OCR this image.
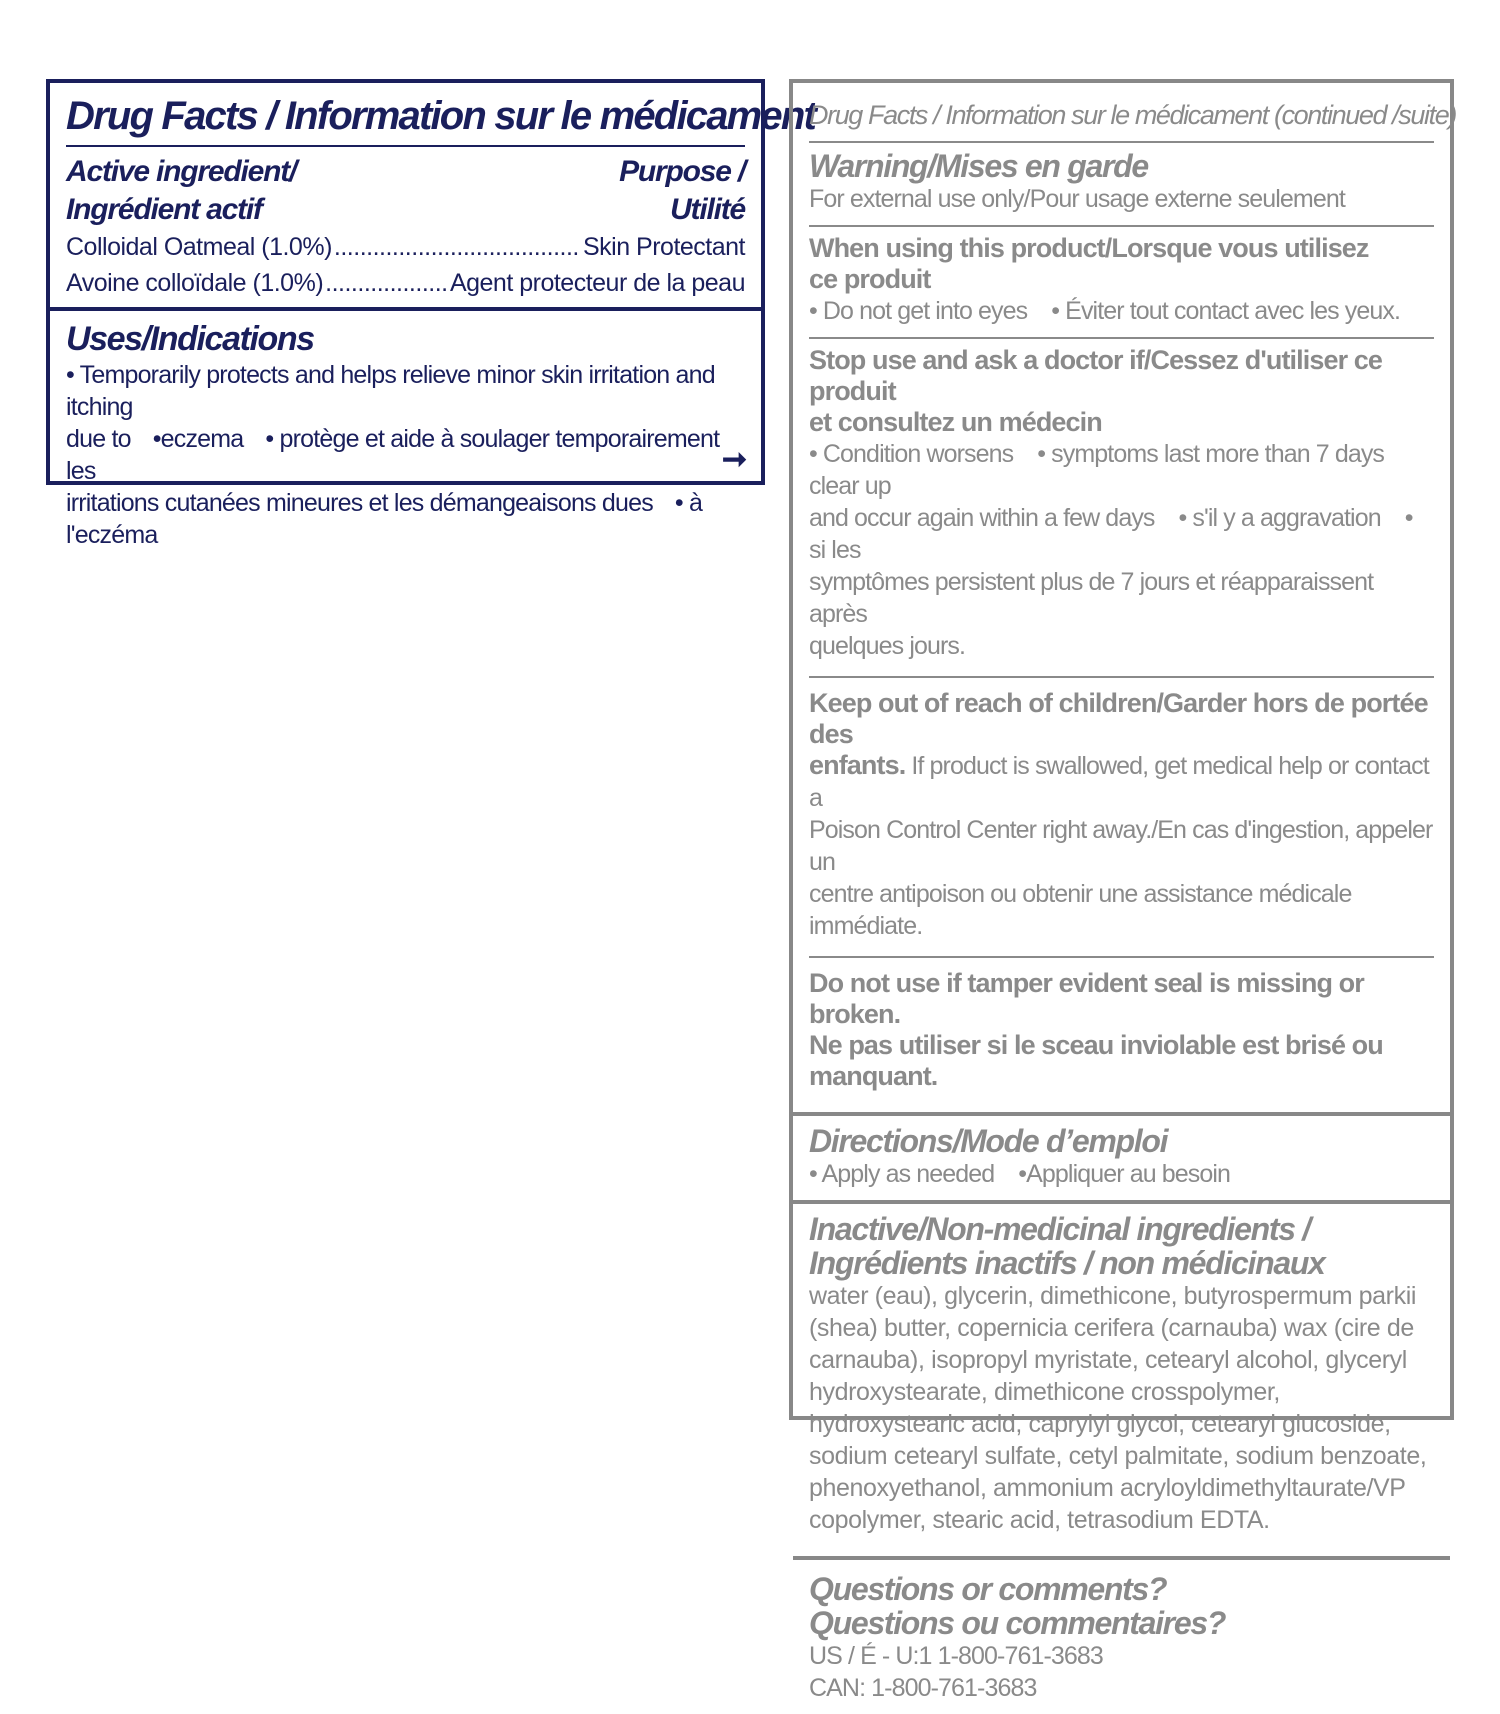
Drug Facts / Information sur le médicament
Active ingredient/
Ingrédient actif
Purpose /
Utilité
Colloidal Oatmeal (1.0%) .....	Skin Protectant
Avoine colloïdale (1.0%) .....	Agent protecteur de la peau
Uses/Indications
• Temporarily protects and helps relieve minor skin irritation and itching
due to •eczema • protège et aide à soulager temporairement les
irritations cutanées mineures et les démangeaisons dues • à l'eczéma
➞
Drug Facts / Information sur le médicament (continued /suite)
Warning/Mises en garde
For external use only/Pour usage externe seulement
When using this product/Lorsque vous utilisez
ce produit
• Do not get into eyes • Éviter tout contact avec les yeux.
Stop use and ask a doctor if/Cessez d'utiliser ce produit
et consultez un médecin
• Condition worsens • symptoms last more than 7 days clear up
and occur again within a few days • s'il y a aggravation • si les
symptômes persistent plus de 7 jours et réapparaissent après
quelques jours.
Keep out of reach of children/Garder hors de portée des
enfants. If product is swallowed, get medical help or contact a
Poison Control Center right away./En cas d'ingestion, appeler un
centre antipoison ou obtenir une assistance médicale immédiate.
Do not use if tamper evident seal is missing or broken.
Ne pas utiliser si le sceau inviolable est brisé ou manquant.
Directions/Mode d’emploi
• Apply as needed •Appliquer au besoin
Inactive/Non-medicinal ingredients /
Ingrédients inactifs / non médicinaux
water (eau), glycerin, dimethicone, butyrospermum parkii
(shea) butter, copernicia cerifera (carnauba) wax (cire de
carnauba), isopropyl myristate, cetearyl alcohol, glyceryl
hydroxystearate, dimethicone crosspolymer,
hydroxystearic acid, caprylyl glycol, cetearyl glucoside,
sodium cetearyl sulfate, cetyl palmitate, sodium benzoate,
phenoxyethanol, ammonium acryloyldimethyltaurate/VP
copolymer, stearic acid, tetrasodium EDTA.
Questions or comments?
Questions ou commentaires?
US / É - U:1 1-800-761-3683
CAN: 1-800-761-3683
